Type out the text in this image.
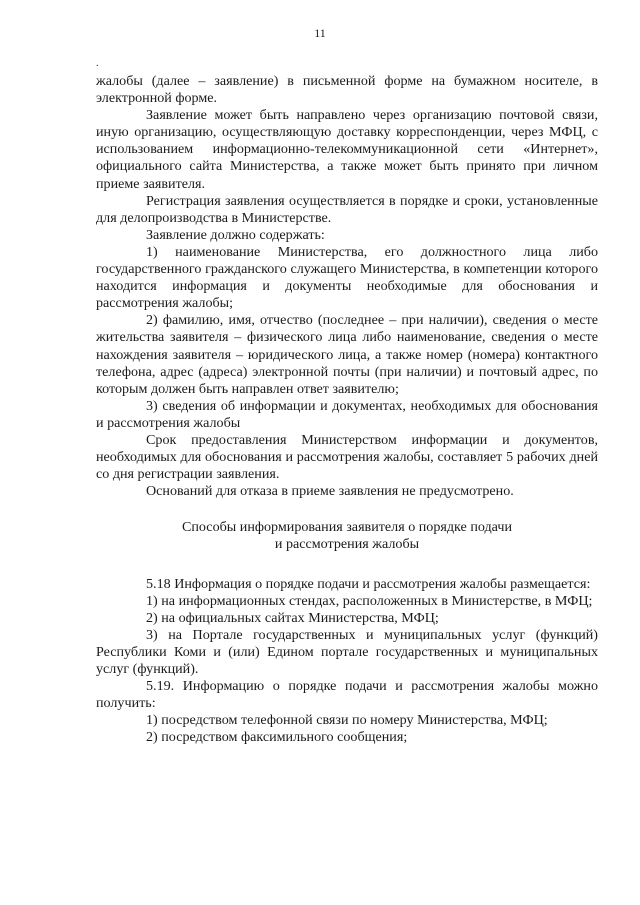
11
.

жалобы (далее – заявление) в письменной форме на бумажном носителе, в электронной форме.

Заявление может быть направлено через организацию почтовой связи, иную организацию, осуществляющую доставку корреспонденции, через МФЦ, с использованием информационно-телекоммуникационной сети «Интернет», официального сайта Министерства, а также может быть принято при личном приеме заявителя.

Регистрация заявления осуществляется в порядке и сроки, установленные для делопроизводства в Министерстве.

Заявление должно содержать:

1) наименование Министерства, его должностного лица либо государственного гражданского служащего Министерства, в компетенции которого находится информация и документы необходимые для обоснования и рассмотрения жалобы;

2) фамилию, имя, отчество (последнее – при наличии), сведения о месте жительства заявителя – физического лица либо наименование, сведения о месте нахождения заявителя – юридического лица, а также номер (номера) контактного телефона, адрес (адреса) электронной почты (при наличии) и почтовый адрес, по которым должен быть направлен ответ заявителю;

3) сведения об информации и документах, необходимых для обоснования и рассмотрения жалобы

Срок предоставления Министерством информации и документов, необходимых для обоснования и рассмотрения жалобы, составляет 5 рабочих дней со дня регистрации заявления.

Оснований для отказа в приеме заявления не предусмотрено.

Способы информирования заявителя о порядке подачи

и рассмотрения жалобы

5.18 Информация о порядке подачи и рассмотрения жалобы размещается:

1) на информационных стендах, расположенных в Министерстве, в МФЦ;

2) на официальных сайтах Министерства, МФЦ;

3) на Портале государственных и муниципальных услуг (функций) Республики Коми и (или) Едином портале государственных и муниципальных услуг (функций).

5.19. Информацию о порядке подачи и рассмотрения жалобы можно получить:

1) посредством телефонной связи по номеру Министерства, МФЦ;

2) посредством факсимильного сообщения;
